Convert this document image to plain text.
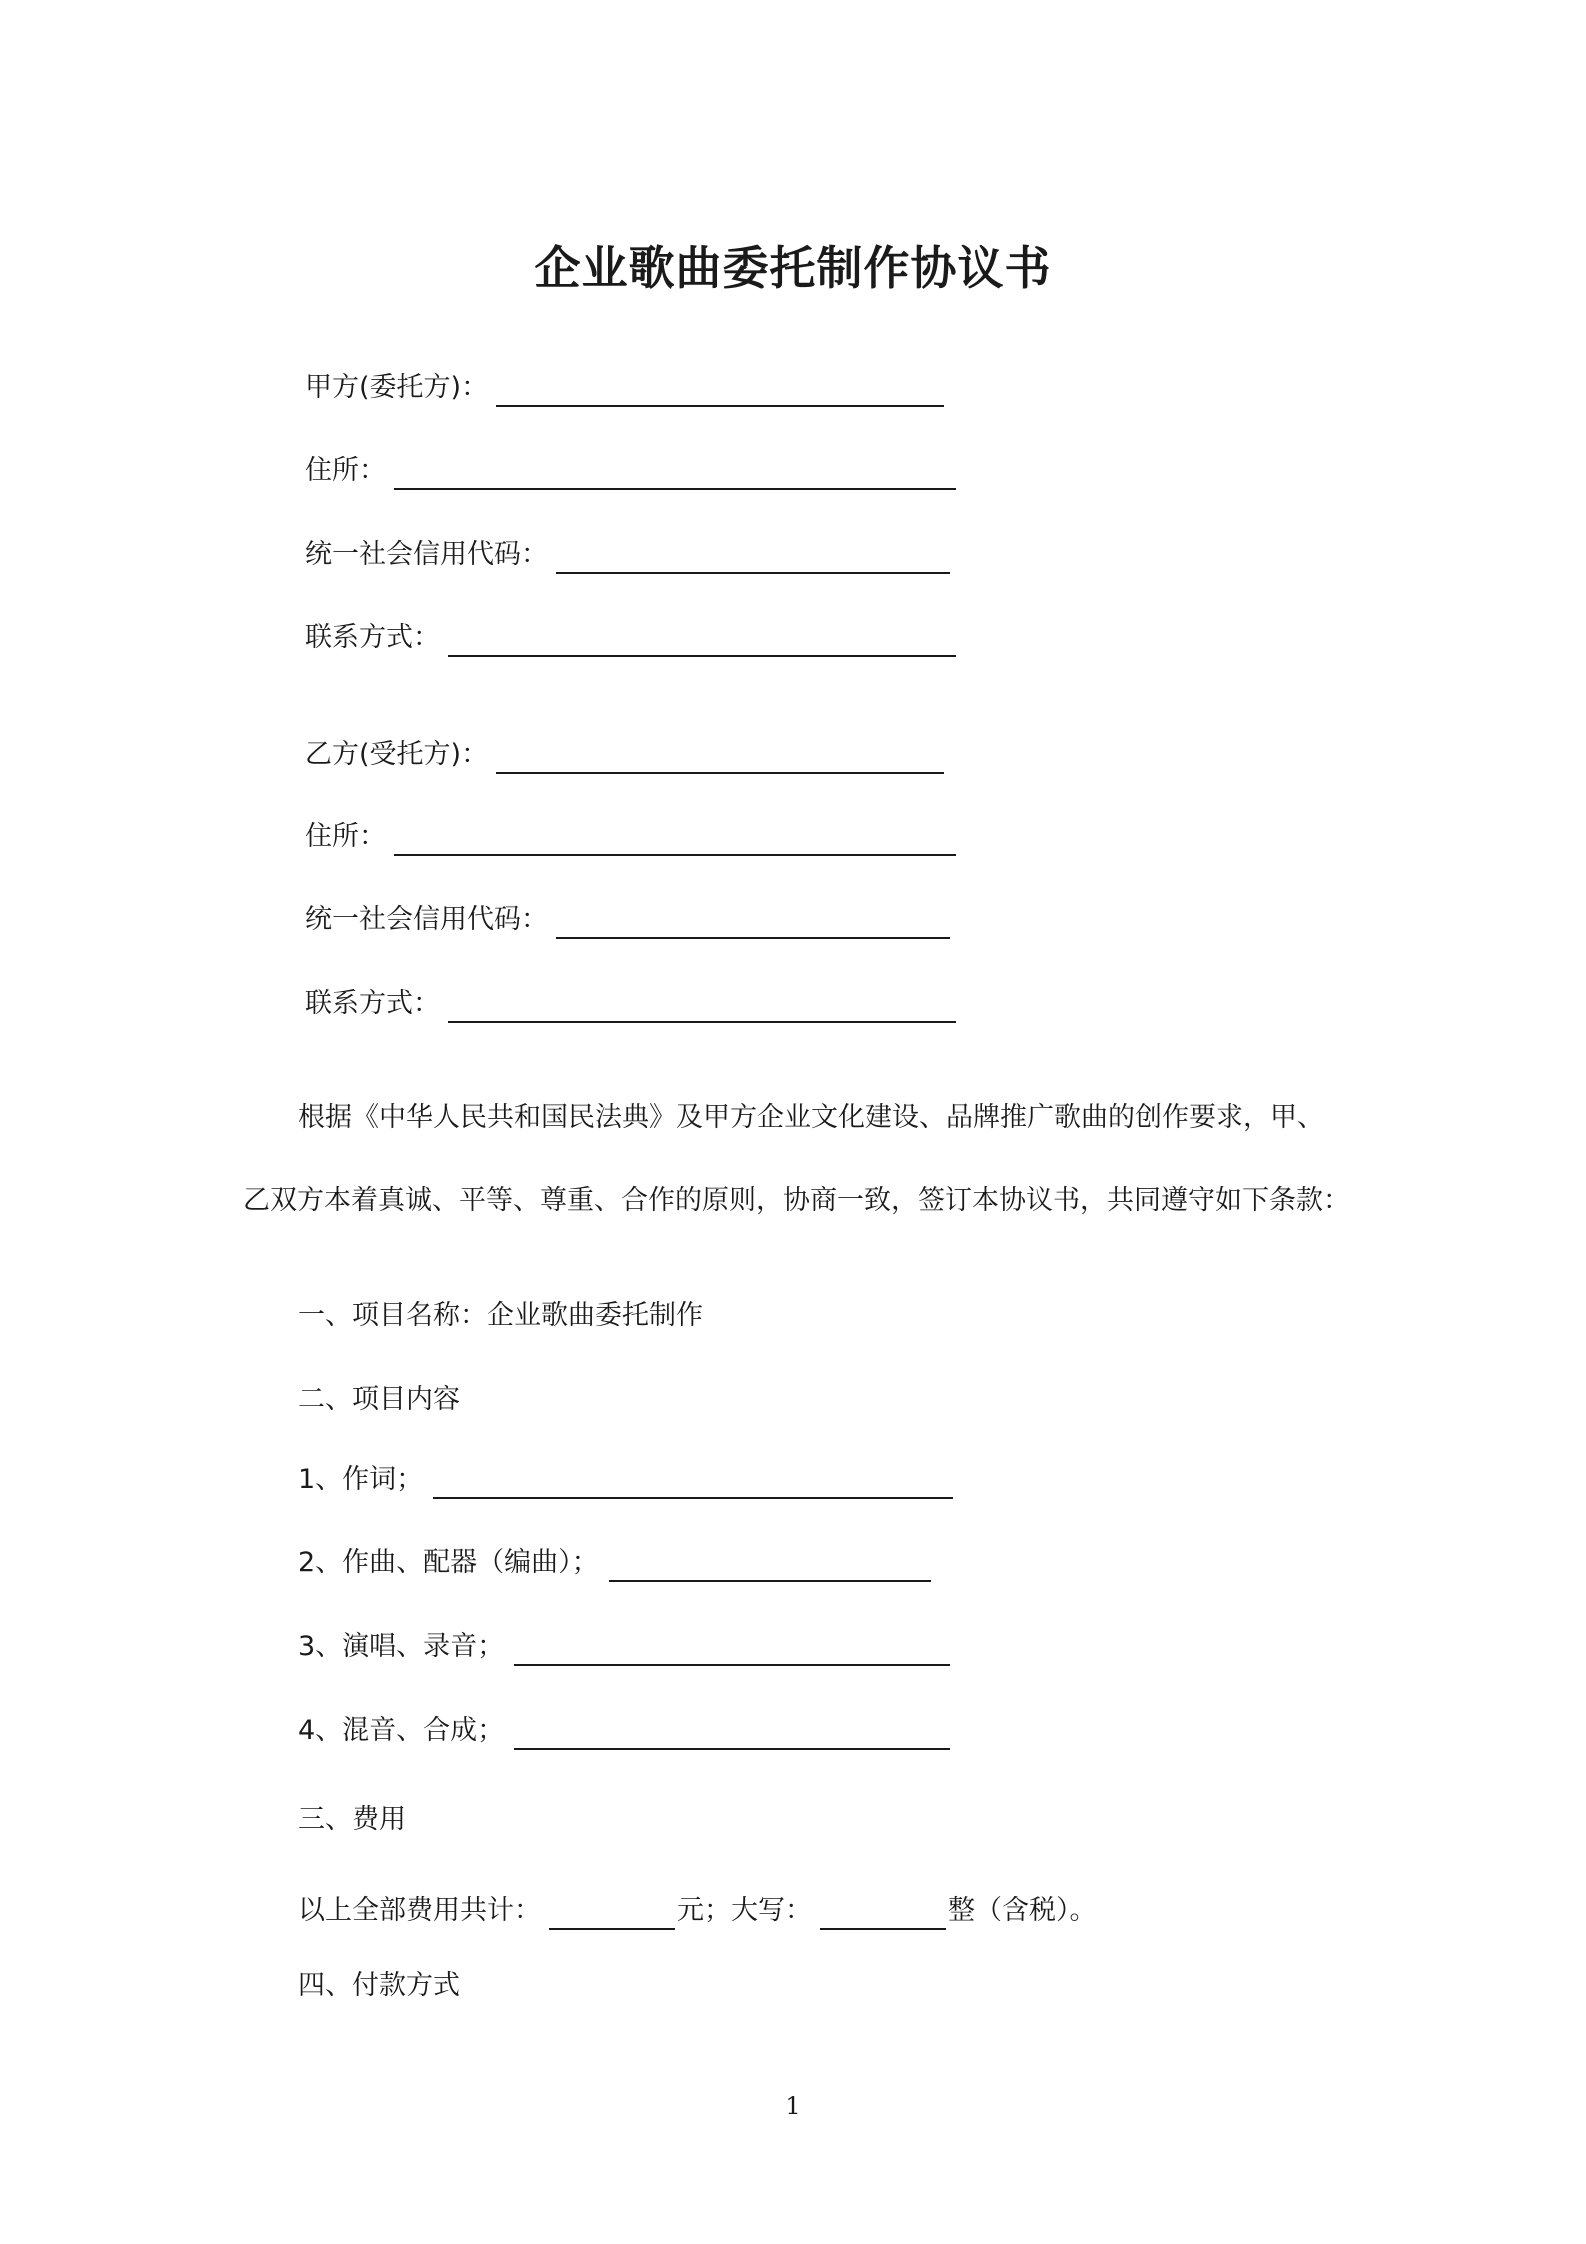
企业歌曲委托制作协议书
甲方(委托方)：
住所：
统一社会信用代码：
联系方式：
乙方(受托方)：
住所：
统一社会信用代码：
联系方式：
根据《中华人民共和国民法典》及甲方企业文化建设、品牌推广歌曲的创作要求，甲、
乙双方本着真诚、平等、尊重、合作的原则，协商一致，签订本协议书，共同遵守如下条款：
一、项目名称：企业歌曲委托制作
二、项目内容
1、作词；
2、作曲、配器（编曲）；
3、演唱、录音；
4、混音、合成；
三、费用
以上全部费用共计：	元；大写：	整（含税）。
四、付款方式
1
